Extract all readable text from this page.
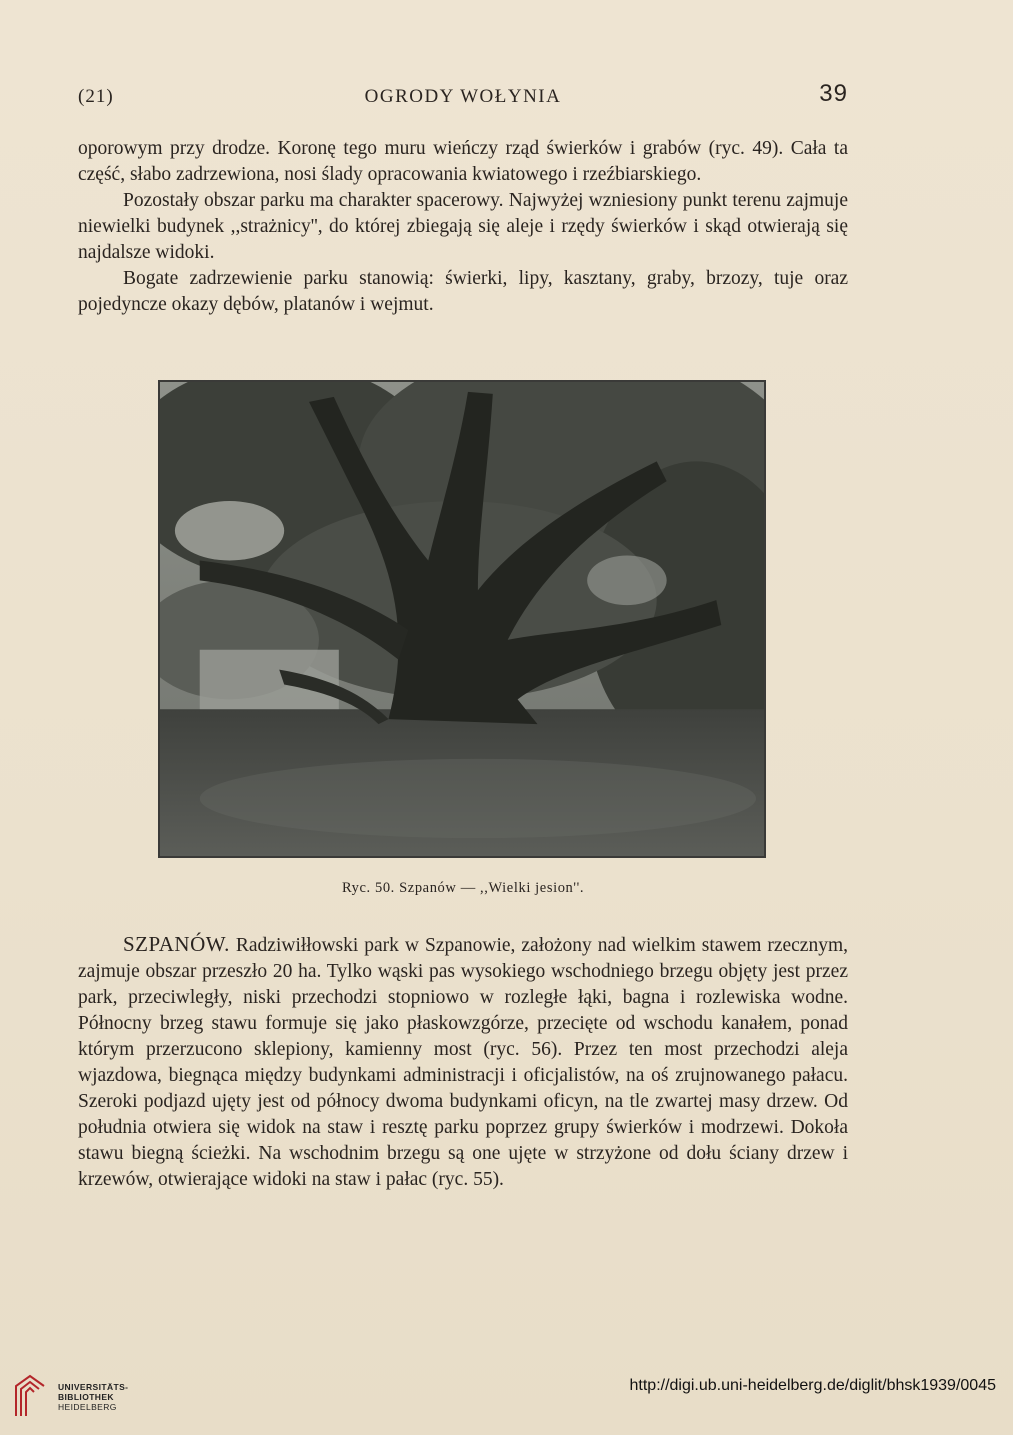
(21)	OGRODY WOŁYNIA	39

oporowym przy drodze. Koronę tego muru wieńczy rząd świerków i grabów (ryc. 49). Cała ta część, słabo zadrzewiona, nosi ślady opracowania kwiatowego i rzeźbiarskiego.

Pozostały obszar parku ma charakter spacerowy. Najwyżej wzniesiony punkt terenu zajmuje niewielki budynek ,,strażnicy'', do której zbiegają się aleje i rzędy świerków i skąd otwierają się najdalsze widoki.

Bogate zadrzewienie parku stanowią: świerki, lipy, kasztany, graby, brzozy, tuje oraz pojedyncze okazy dębów, platanów i wejmut.

Ryc. 50. Szpanów — ,,Wielki jesion''.

SZPANÓW. Radziwiłłowski park w Szpanowie, założony nad wielkim stawem rzecznym, zajmuje obszar przeszło 20 ha. Tylko wąski pas wysokiego wschodniego brzegu objęty jest przez park, przeciwległy, niski przechodzi stopniowo w rozległe łąki, bagna i rozlewiska wodne. Północny brzeg stawu formuje się jako płaskowzgórze, przecięte od wschodu kanałem, ponad którym przerzucono sklepiony, kamienny most (ryc. 56). Przez ten most przechodzi aleja wjazdowa, biegnąca między budynkami administracji i oficjalistów, na oś zrujnowanego pałacu. Szeroki podjazd ujęty jest od północy dwoma budynkami oficyn, na tle zwartej masy drzew. Od południa otwiera się widok na staw i resztę parku poprzez grupy świerków i modrzewi. Dokoła stawu biegną ścieżki. Na wschodnim brzegu są one ujęte w strzyżone od dołu ściany drzew i krzewów, otwierające widoki na staw i pałac (ryc. 55).

UNIVERSITÄTS-
BIBLIOTHEK
HEIDELBERG
http://digi.ub.uni-heidelberg.de/diglit/bhsk1939/0045
